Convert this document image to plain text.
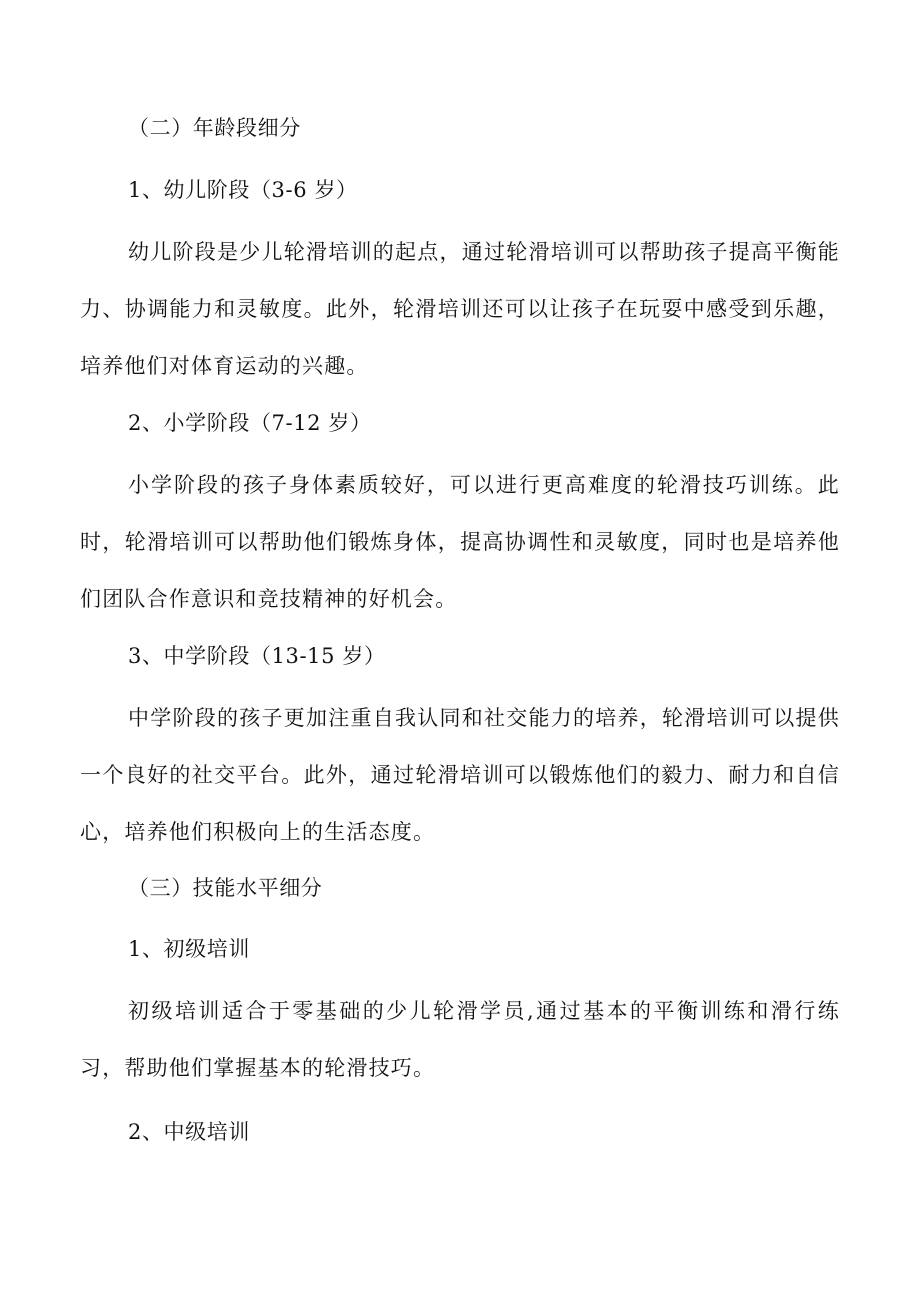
（二）年龄段细分
1、幼儿阶段（3-6 岁）

幼儿阶段是少儿轮滑培训的起点，通过轮滑培训可以帮助孩子提高平衡能力、协调能力和灵敏度。此外，轮滑培训还可以让孩子在玩耍中感受到乐趣，培养他们对体育运动的兴趣。

2、小学阶段（7-12 岁）

小学阶段的孩子身体素质较好，可以进行更高难度的轮滑技巧训练。此时，轮滑培训可以帮助他们锻炼身体，提高协调性和灵敏度，同时也是培养他们团队合作意识和竞技精神的好机会。

3、中学阶段（13-15 岁）

中学阶段的孩子更加注重自我认同和社交能力的培养，轮滑培训可以提供一个良好的社交平台。此外，通过轮滑培训可以锻炼他们的毅力、耐力和自信心，培养他们积极向上的生活态度。

（三）技能水平细分
1、初级培训

初级培训适合于零基础的少儿轮滑学员,通过基本的平衡训练和滑行练习，帮助他们掌握基本的轮滑技巧。

2、中级培训
